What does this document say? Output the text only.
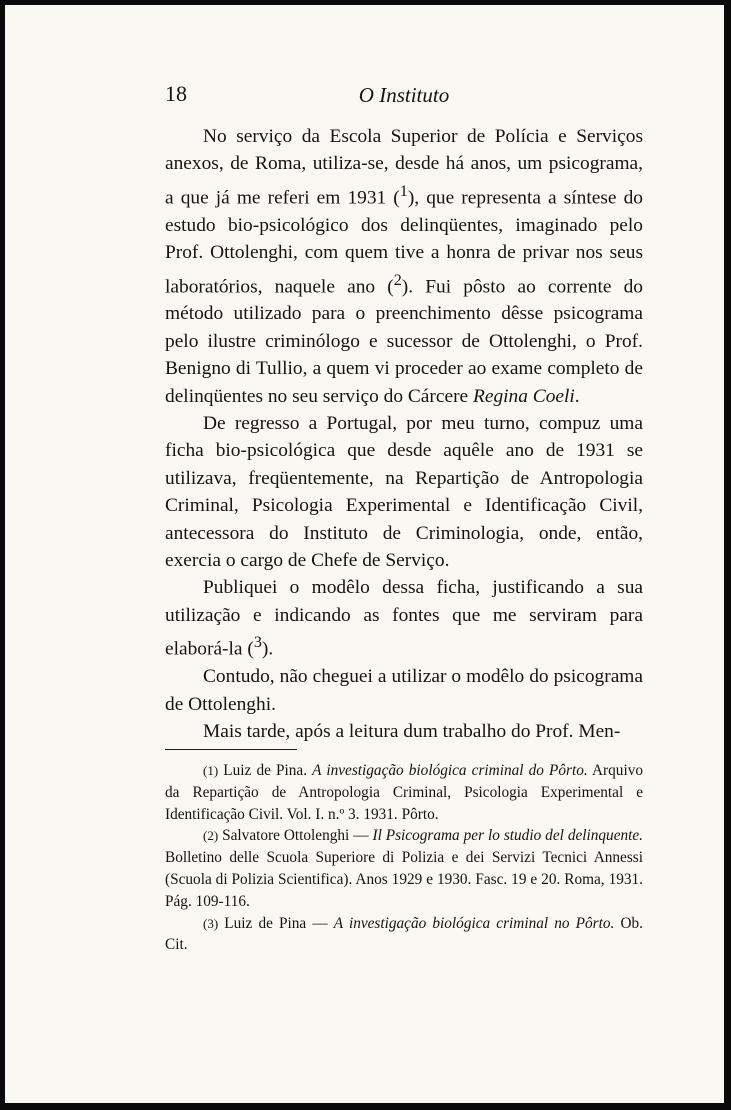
18	O Instituto

No serviço da Escola Superior de Polícia e Serviços anexos, de Roma, utiliza-se, desde há anos, um psicograma, a que já me referi em 1931 ($^1$), que representa a síntese do estudo bio-psicológico dos delinqüentes, imaginado pelo Prof. Ottolenghi, com quem tive a honra de privar nos seus laboratórios, naquele ano ($^2$). Fui pôsto ao corrente do método utilizado para o preenchimento dêsse psicograma pelo ilustre criminólogo e sucessor de Ottolenghi, o Prof. Benigno di Tullio, a quem vi proceder ao exame completo de delinqüentes no seu serviço do Cárcere Regina Coeli.

De regresso a Portugal, por meu turno, compuz uma ficha bio-psicológica que desde aquêle ano de 1931 se utilizava, freqüentemente, na Repartição de Antropologia Criminal, Psicologia Experimental e Identificação Civil, antecessora do Instituto de Criminologia, onde, então, exercia o cargo de Chefe de Serviço.

Publiquei o modêlo dessa ficha, justificando a sua utilização e indicando as fontes que me serviram para elaborá-la ($^3$).

Contudo, não cheguei a utilizar o modêlo do psicograma de Ottolenghi.

Mais tarde, após a leitura dum trabalho do Prof. Men-

(1) Luiz de Pina. A investigação biológica criminal do Pôrto. Arquivo da Repartição de Antropologia Criminal, Psicologia Experimental e Identificação Civil. Vol. I. n.º 3. 1931. Pôrto.

(2) Salvatore Ottolenghi — Il Psicograma per lo studio del delinquente. Bolletino delle Scuola Superiore di Polizia e dei Servizi Tecnici Annessi (Scuola di Polizia Scientifica). Anos 1929 e 1930. Fasc. 19 e 20. Roma, 1931. Pág. 109-116.

(3) Luiz de Pina — A investigação biológica criminal no Pôrto. Ob. Cit.
